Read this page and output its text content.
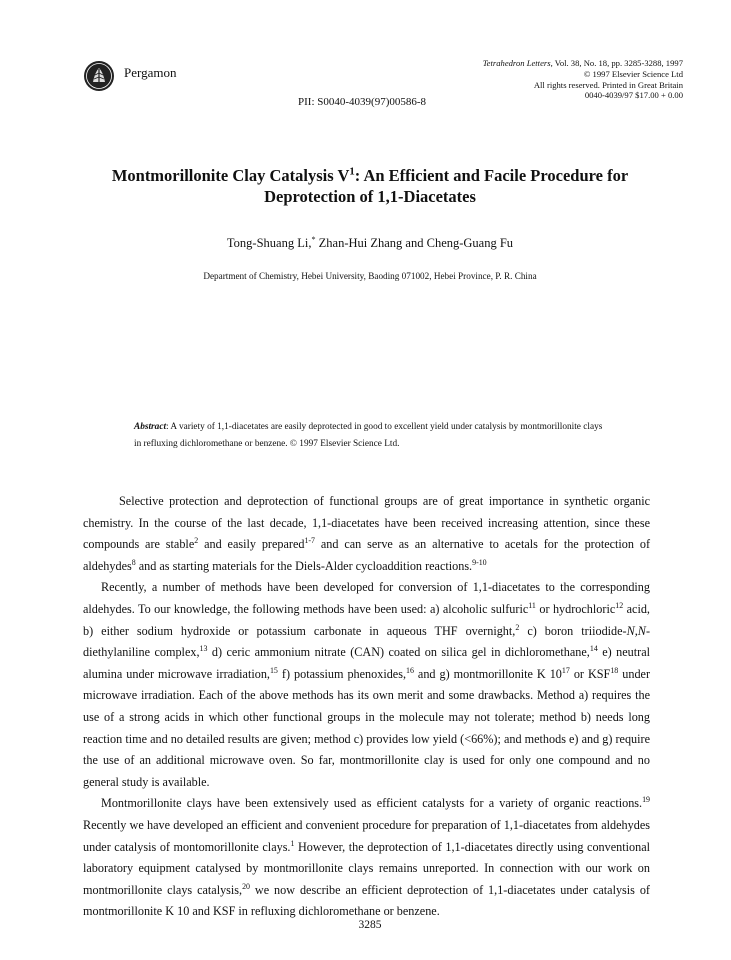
Pergamon
Tetrahedron Letters, Vol. 38, No. 18, pp. 3285-3288, 1997
© 1997 Elsevier Science Ltd
All rights reserved. Printed in Great Britain
0040-4039/97 $17.00 + 0.00
PII: S0040-4039(97)00586-8
Montmorillonite Clay Catalysis $V^1$: An Efficient and Facile Procedure for
Deprotection of 1,1-Diacetates
Tong-Shuang Li,* Zhan-Hui Zhang and Cheng-Guang Fu
Department of Chemistry, Hebei University, Baoding 071002, Hebei Province, P. R. China
Abstract: A variety of 1,1-diacetates are easily deprotected in good to excellent yield under catalysis by montmorillonite clays in refluxing dichloromethane or benzene. © 1997 Elsevier Science Ltd.

Selective protection and deprotection of functional groups are of great importance in synthetic organic chemistry. In the course of the last decade, 1,1-diacetates have been received increasing attention, since these compounds are stable$^2$ and easily prepared$^{1-7}$ and can serve as an alternative to acetals for the protection of aldehydes$^8$ and as starting materials for the Diels-Alder cycloaddition reactions.$^{9-10}$

Recently, a number of methods have been developed for conversion of 1,1-diacetates to the corresponding aldehydes. To our knowledge, the following methods have been used: a) alcoholic sulfuric$^{11}$ or hydrochloric$^{12}$ acid, b) either sodium hydroxide or potassium carbonate in aqueous THF overnight,$^2$ c) boron triiodide-N,N-diethylaniline complex,$^{13}$ d) ceric ammonium nitrate (CAN) coated on silica gel in dichloromethane,$^{14}$ e) neutral alumina under microwave irradiation,$^{15}$ f) potassium phenoxides,$^{16}$ and g) montmorillonite K $10^{17}$ or KSF$^{18}$ under microwave irradiation. Each of the above methods has its own merit and some drawbacks. Method a) requires the use of a strong acids in which other functional groups in the molecule may not tolerate; method b) needs long reaction time and no detailed results are given; method c) provides low yield (<66%); and methods e) and g) require the use of an additional microwave oven. So far, montmorillonite clay is used for only one compound and no general study is available.

Montmorillonite clays have been extensively used as efficient catalysts for a variety of organic reactions.$^{19}$ Recently we have developed an efficient and convenient procedure for preparation of 1,1-diacetates from aldehydes under catalysis of montomorillonite clays.$^1$ However, the deprotection of 1,1-diacetates directly using conventional laboratory equipment catalysed by montmorillonite clays remains unreported. In connection with our work on montmorillonite clays catalysis,$^{20}$ we now describe an efficient deprotection of 1,1-diacetates under catalysis of montmorillonite K 10 and KSF in refluxing dichloromethane or benzene.

3285
